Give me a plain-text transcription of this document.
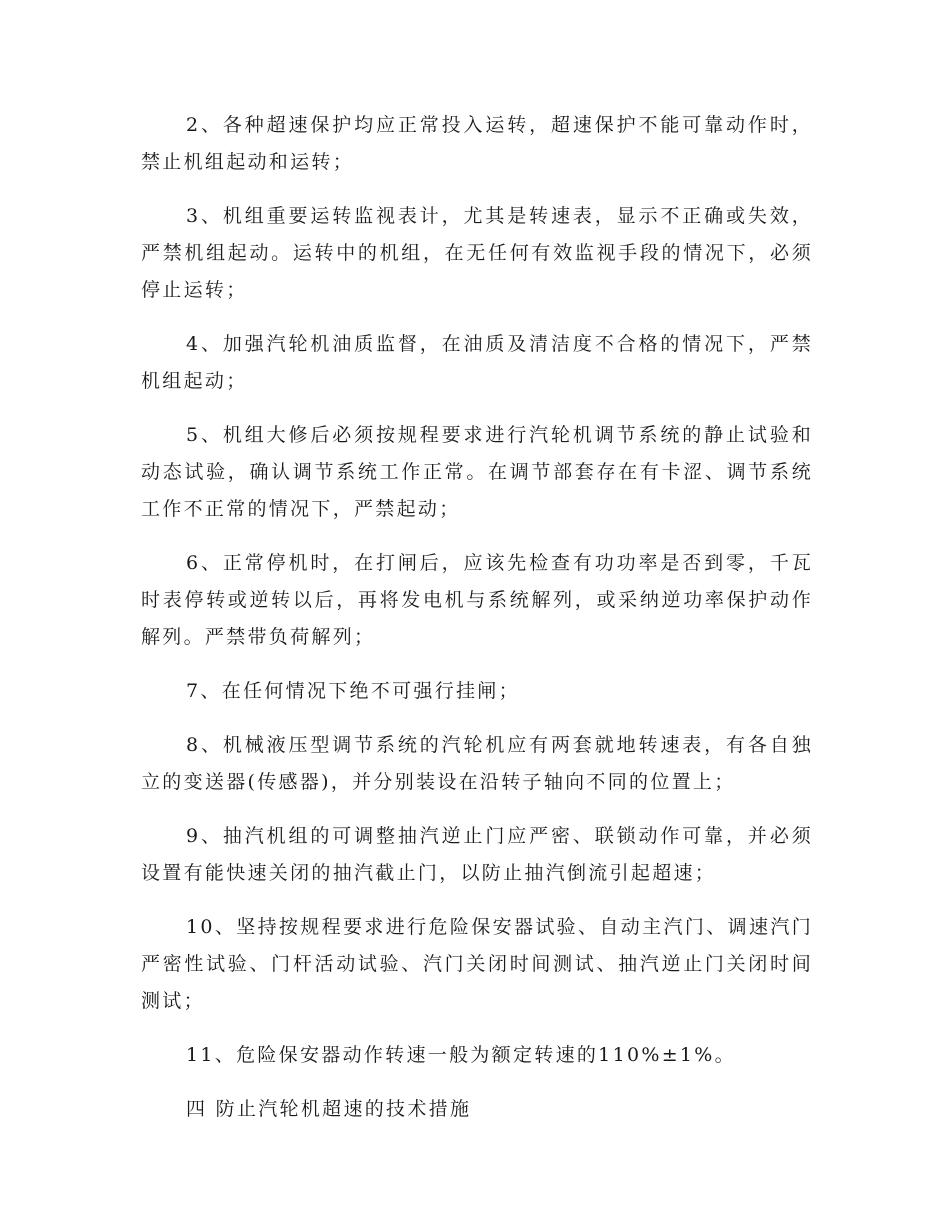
2、各种超速保护均应正常投入运转，超速保护不能可靠动作时，禁止机组起动和运转；

3、机组重要运转监视表计，尤其是转速表，显示不正确或失效，严禁机组起动。运转中的机组，在无任何有效监视手段的情况下，必须停止运转；

4、加强汽轮机油质监督，在油质及清洁度不合格的情况下，严禁机组起动；

5、机组大修后必须按规程要求进行汽轮机调节系统的静止试验和动态试验，确认调节系统工作正常。在调节部套存在有卡涩、调节系统工作不正常的情况下，严禁起动；

6、正常停机时，在打闸后，应该先检查有功功率是否到零，千瓦时表停转或逆转以后，再将发电机与系统解列，或采纳逆功率保护动作解列。严禁带负荷解列；

7、在任何情况下绝不可强行挂闸；

8、机械液压型调节系统的汽轮机应有两套就地转速表，有各自独立的变送器(传感器)，并分别装设在沿转子轴向不同的位置上；

9、抽汽机组的可调整抽汽逆止门应严密、联锁动作可靠，并必须设置有能快速关闭的抽汽截止门，以防止抽汽倒流引起超速；

10、坚持按规程要求进行危险保安器试验、自动主汽门、调速汽门严密性试验、门杆活动试验、汽门关闭时间测试、抽汽逆止门关闭时间测试；

11、危险保安器动作转速一般为额定转速的110%±1%。

四 防止汽轮机超速的技术措施
